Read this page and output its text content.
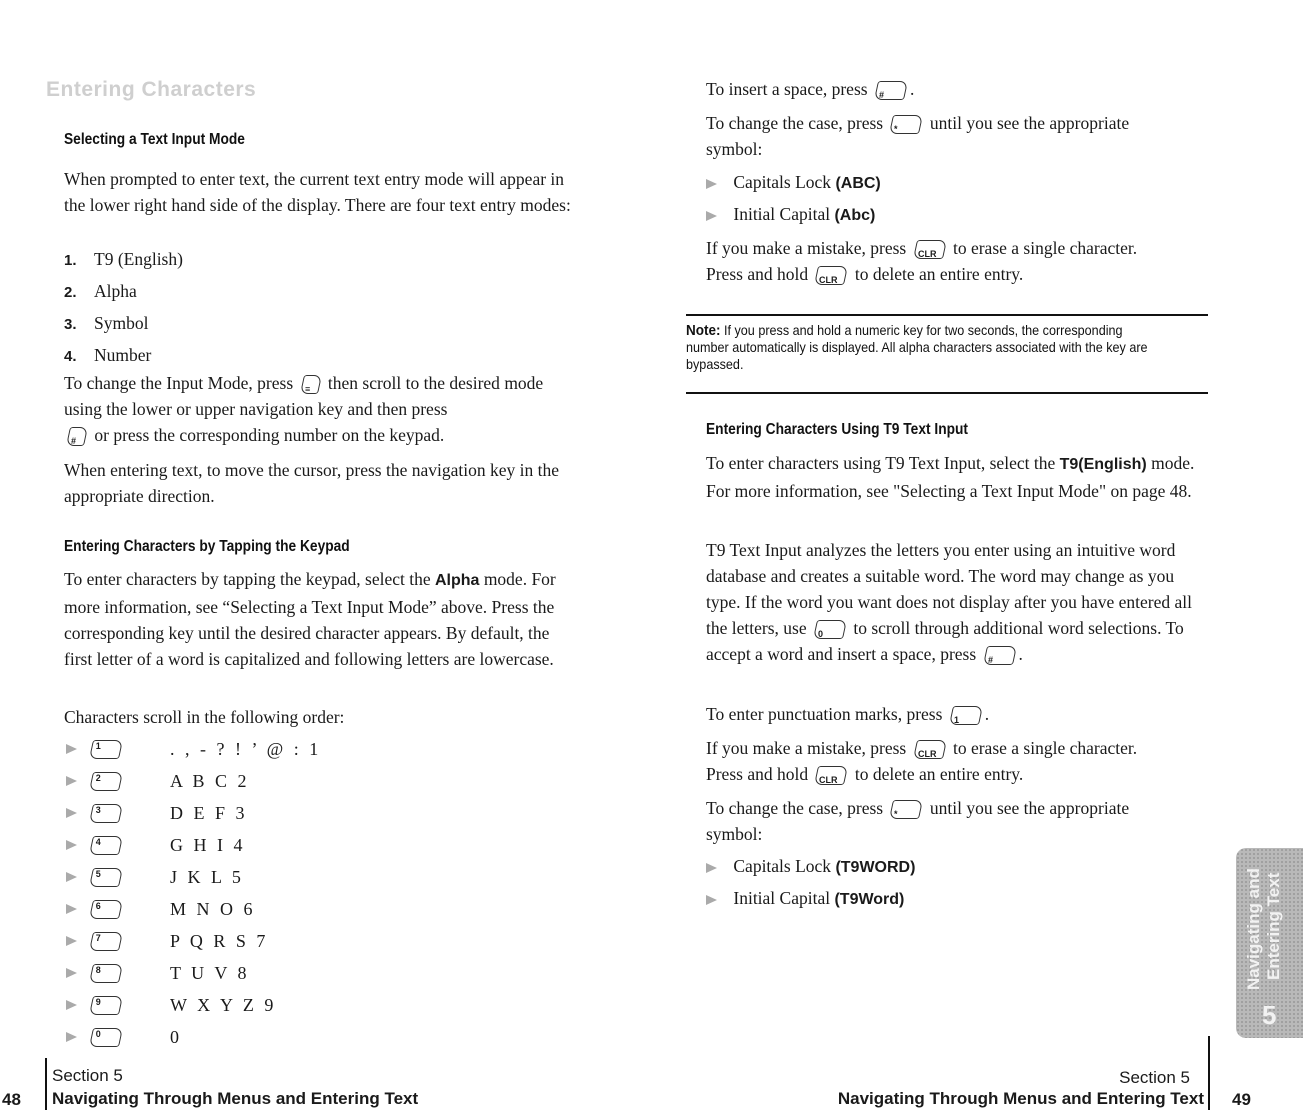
Entering Characters
Selecting a Text Input Mode
When prompted to enter text, the current text entry mode will appear in the lower right hand side of the display. There are four text entry modes:
1. T9 (English)
2. Alpha
3. Symbol
4. Number
To change the Input Mode, press ≡ then scroll to the desired mode using the lower or upper navigation key and then press

# or press the corresponding number on the keypad.
When entering text, to move the cursor, press the navigation key in the appropriate direction.
Entering Characters by Tapping the Keypad
To enter characters by tapping the keypad, select the Alpha mode. For more information, see “Selecting a Text Input Mode” above. Press the corresponding key until the desired character appears. By default, the first letter of a word is capitalized and following letters are lowercase.
Characters scroll in the following order:
1	. , - ? ! ’ @ : 1
2	A B C 2
3	D E F 3
4	G H I 4
5	J K L 5
6	M N O 6
7	P Q R S 7
8	T U V 8
9	W X Y Z 9
0	0
48
Section 5
Navigating Through Menus and Entering Text
To insert a space, press # .
To change the case, press * until you see the appropriate symbol:
Capitals Lock (ABC)
Initial Capital (Abc)
If you make a mistake, press CLR to erase a single character.
Press and hold CLR to delete an entire entry.
Note: If you press and hold a numeric key for two seconds, the corresponding number automatically is displayed. All alpha characters associated with the key are bypassed.
Entering Characters Using T9 Text Input
To enter characters using T9 Text Input, select the T9(English) mode. For more information, see "Selecting a Text Input Mode" on page 48.
T9 Text Input analyzes the letters you enter using an intuitive word database and creates a suitable word. The word may change as you type. If the word you want does not display after you have entered all the letters, use 0 to scroll through additional word selections. To accept a word and insert a space, press # .
To enter punctuation marks, press 1 .
If you make a mistake, press CLR to erase a single character.
Press and hold CLR to delete an entire entry.
To change the case, press * until you see the appropriate symbol:
Capitals Lock (T9WORD)
Initial Capital (T9Word)	Navigating and Entering Text
5
Section 5
Navigating Through Menus and Entering Text 49
